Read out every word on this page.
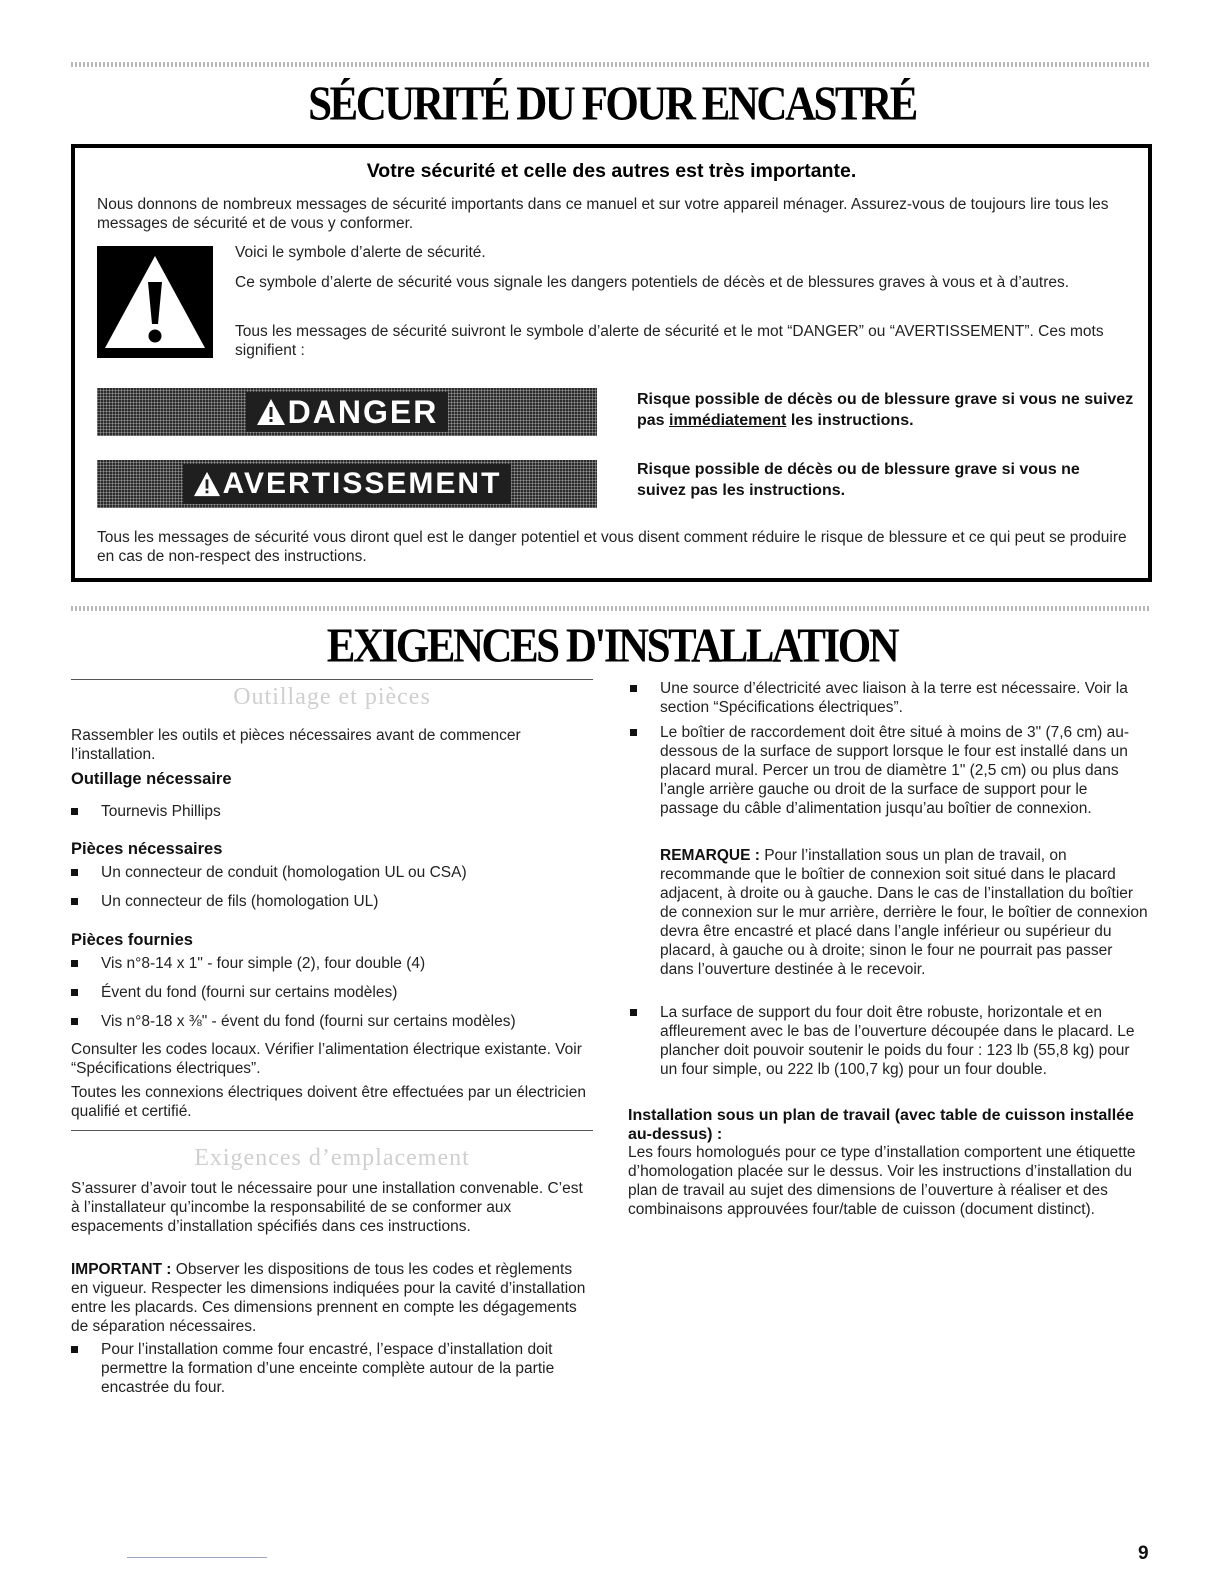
SÉCURITÉ DU FOUR ENCASTRÉ
Votre sécurité et celle des autres est très importante.
Nous donnons de nombreux messages de sécurité importants dans ce manuel et sur votre appareil ménager. Assurez-vous de toujours lire tous les messages de sécurité et de vous y conformer.
Voici le symbole d’alerte de sécurité.
Ce symbole d’alerte de sécurité vous signale les dangers potentiels de décès et de blessures graves à vous et à d’autres.
Tous les messages de sécurité suivront le symbole d’alerte de sécurité et le mot “DANGER” ou “AVERTISSEMENT”. Ces mots signifient :
DANGER	Risque possible de décès ou de blessure grave si vous ne suivez pas immédiatement les instructions.
AVERTISSEMENT	Risque possible de décès ou de blessure grave si vous ne suivez pas les instructions.
Tous les messages de sécurité vous diront quel est le danger potentiel et vous disent comment réduire le risque de blessure et ce qui peut se produire en cas de non-respect des instructions.
EXIGENCES D'INSTALLATION
Outillage et pièces
Rassembler les outils et pièces nécessaires avant de commencer l’installation.
Outillage nécessaire
Tournevis Phillips
Pièces nécessaires
Un connecteur de conduit (homologation UL ou CSA)
Un connecteur de fils (homologation UL)
Pièces fournies
Vis n°8-14 x 1" - four simple (2), four double (4)
Évent du fond (fourni sur certains modèles)
Vis n°8-18 x ⅜" - évent du fond (fourni sur certains modèles)
Consulter les codes locaux. Vérifier l’alimentation électrique existante. Voir “Spécifications électriques”.
Toutes les connexions électriques doivent être effectuées par un électricien qualifié et certifié.
Exigences d’emplacement
S’assurer d’avoir tout le nécessaire pour une installation convenable. C’est à l’installateur qu’incombe la responsabilité de se conformer aux espacements d’installation spécifiés dans ces instructions.
IMPORTANT : Observer les dispositions de tous les codes et règlements en vigueur. Respecter les dimensions indiquées pour la cavité d’installation entre les placards. Ces dimensions prennent en compte les dégagements de séparation nécessaires.
Pour l’installation comme four encastré, l’espace d’installation doit permettre la formation d’une enceinte complète autour de la partie encastrée du four.
Une source d’électricité avec liaison à la terre est nécessaire. Voir la section “Spécifications électriques”.
Le boîtier de raccordement doit être situé à moins de 3" (7,6 cm) au-dessous de la surface de support lorsque le four est installé dans un placard mural. Percer un trou de diamètre 1" (2,5 cm) ou plus dans l’angle arrière gauche ou droit de la surface de support pour le passage du câble d’alimentation jusqu’au boîtier de connexion.
REMARQUE : Pour l’installation sous un plan de travail, on recommande que le boîtier de connexion soit situé dans le placard adjacent, à droite ou à gauche. Dans le cas de l’installation du boîtier de connexion sur le mur arrière, derrière le four, le boîtier de connexion devra être encastré et placé dans l’angle inférieur ou supérieur du placard, à gauche ou à droite; sinon le four ne pourrait pas passer dans l’ouverture destinée à le recevoir.
La surface de support du four doit être robuste, horizontale et en affleurement avec le bas de l’ouverture découpée dans le placard. Le plancher doit pouvoir soutenir le poids du four : 123 lb (55,8 kg) pour un four simple, ou 222 lb (100,7 kg) pour un four double.
Installation sous un plan de travail (avec table de cuisson installée au-dessus) :
Les fours homologués pour ce type d’installation comportent une étiquette d’homologation placée sur le dessus. Voir les instructions d’installation du plan de travail au sujet des dimensions de l’ouverture à réaliser et des combinaisons approuvées four/table de cuisson (document distinct).
9
